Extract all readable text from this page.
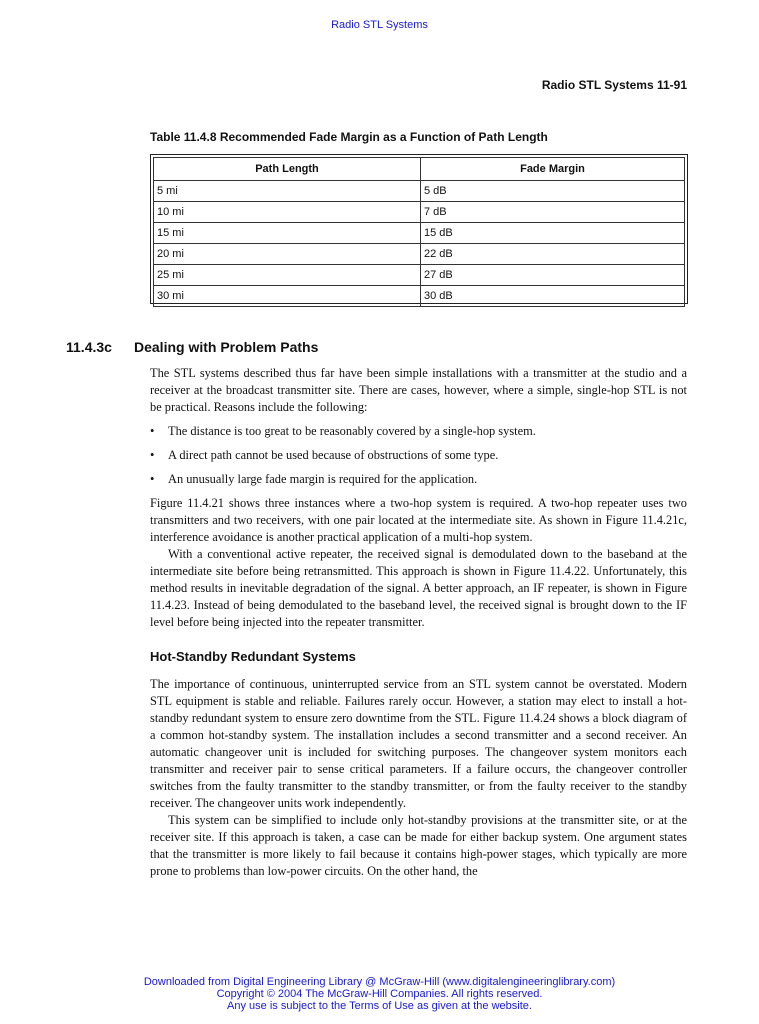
Radio STL Systems
Radio STL Systems 11-91
Table 11.4.8 Recommended Fade Margin as a Function of Path Length
Path Length	Fade Margin
5 mi	5 dB
10 mi	7 dB
15 mi	15 dB
20 mi	22 dB
25 mi	27 dB
30 mi	30 dB
11.4.3c Dealing with Problem Paths

The STL systems described thus far have been simple installations with a transmitter at the studio and a receiver at the broadcast transmitter site. There are cases, however, where a simple, single-hop STL is not be practical. Reasons include the following:

• The distance is too great to be reasonably covered by a single-hop system.
• A direct path cannot be used because of obstructions of some type.
• An unusually large fade margin is required for the application.

Figure 11.4.21 shows three instances where a two-hop system is required. A two-hop repeater uses two transmitters and two receivers, with one pair located at the intermediate site. As shown in Figure 11.4.21c, interference avoidance is another practical application of a multi-hop system.

With a conventional active repeater, the received signal is demodulated down to the baseband at the intermediate site before being retransmitted. This approach is shown in Figure 11.4.22. Unfortunately, this method results in inevitable degradation of the signal. A better approach, an IF repeater, is shown in Figure 11.4.23. Instead of being demodulated to the baseband level, the received signal is brought down to the IF level before being injected into the repeater transmitter.

Hot-Standby Redundant Systems

The importance of continuous, uninterrupted service from an STL system cannot be overstated. Modern STL equipment is stable and reliable. Failures rarely occur. However, a station may elect to install a hot-standby redundant system to ensure zero downtime from the STL. Figure 11.4.24 shows a block diagram of a common hot-standby system. The installation includes a second transmitter and a second receiver. An automatic changeover unit is included for switching purposes. The changeover system monitors each transmitter and receiver pair to sense critical parameters. If a failure occurs, the changeover controller switches from the faulty transmitter to the standby transmitter, or from the faulty receiver to the standby receiver. The changeover units work independently.

This system can be simplified to include only hot-standby provisions at the transmitter site, or at the receiver site. If this approach is taken, a case can be made for either backup system. One argument states that the transmitter is more likely to fail because it contains high-power stages, which typically are more prone to problems than low-power circuits. On the other hand, the

Downloaded from Digital Engineering Library @ McGraw-Hill (www.digitalengineeringlibrary.com)
Copyright © 2004 The McGraw-Hill Companies. All rights reserved.
Any use is subject to the Terms of Use as given at the website.
